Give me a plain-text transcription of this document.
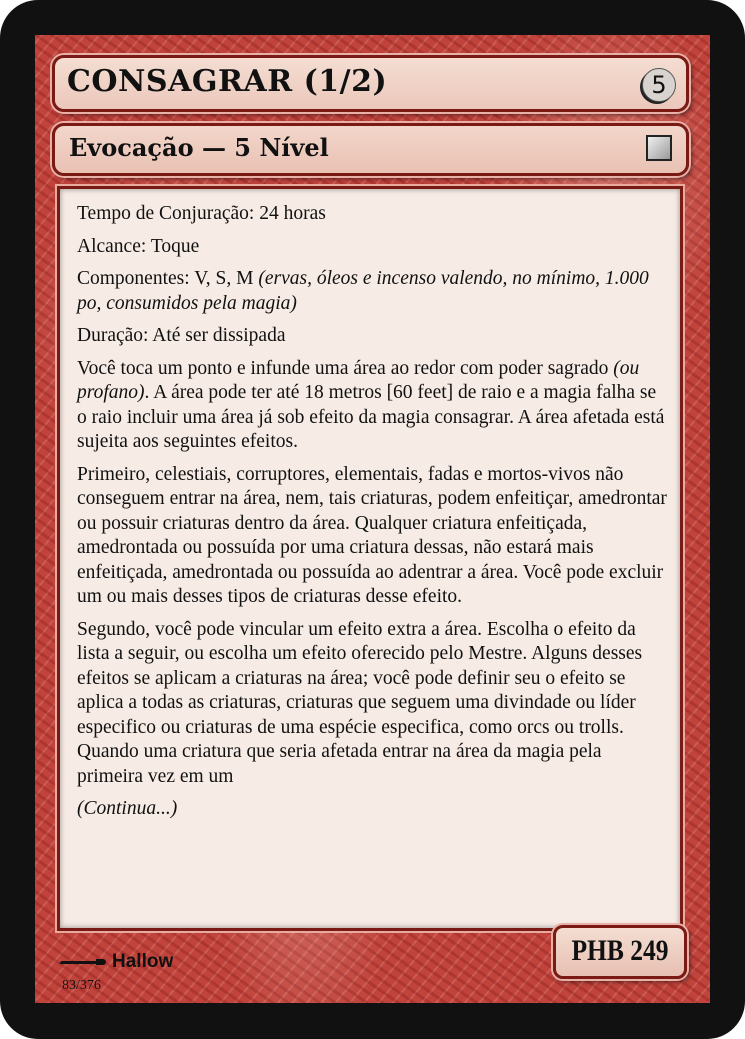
CONSAGRAR (1/2)	5
Evocação — 5 Nível
Tempo de Conjuração: 24 horas
Alcance: Toque
Componentes: V, S, M (ervas, óleos e incenso valendo, no mínimo, 1.000 po, consumidos pela magia)
Duração: Até ser dissipada
Você toca um ponto e infunde uma área ao redor com poder sagrado (ou profano). A área pode ter até 18 metros [60 feet] de raio e a magia falha se o raio incluir uma área já sob efeito da magia consagrar. A área afetada está sujeita aos seguintes efeitos.
Primeiro, celestiais, corruptores, elementais, fadas e mortos-vivos não conseguem entrar na área, nem, tais criaturas, podem enfeitiçar, amedrontar ou possuir criaturas dentro da área. Qualquer criatura enfeitiçada, amedrontada ou possuída por uma criatura dessas, não estará mais enfeitiçada, amedrontada ou possuída ao adentrar a área. Você pode excluir um ou mais desses tipos de criaturas desse efeito.
Segundo, você pode vincular um efeito extra a área. Escolha o efeito da lista a seguir, ou escolha um efeito oferecido pelo Mestre. Alguns desses efeitos se aplicam a criaturas na área; você pode definir seu o efeito se aplica a todas as criaturas, criaturas que seguem uma divindade ou líder especifico ou criaturas de uma espécie especifica, como orcs ou trolls. Quando uma criatura que seria afetada entrar na área da magia pela primeira vez em um
(Continua...)
PHB 249
Hallow
83/376
